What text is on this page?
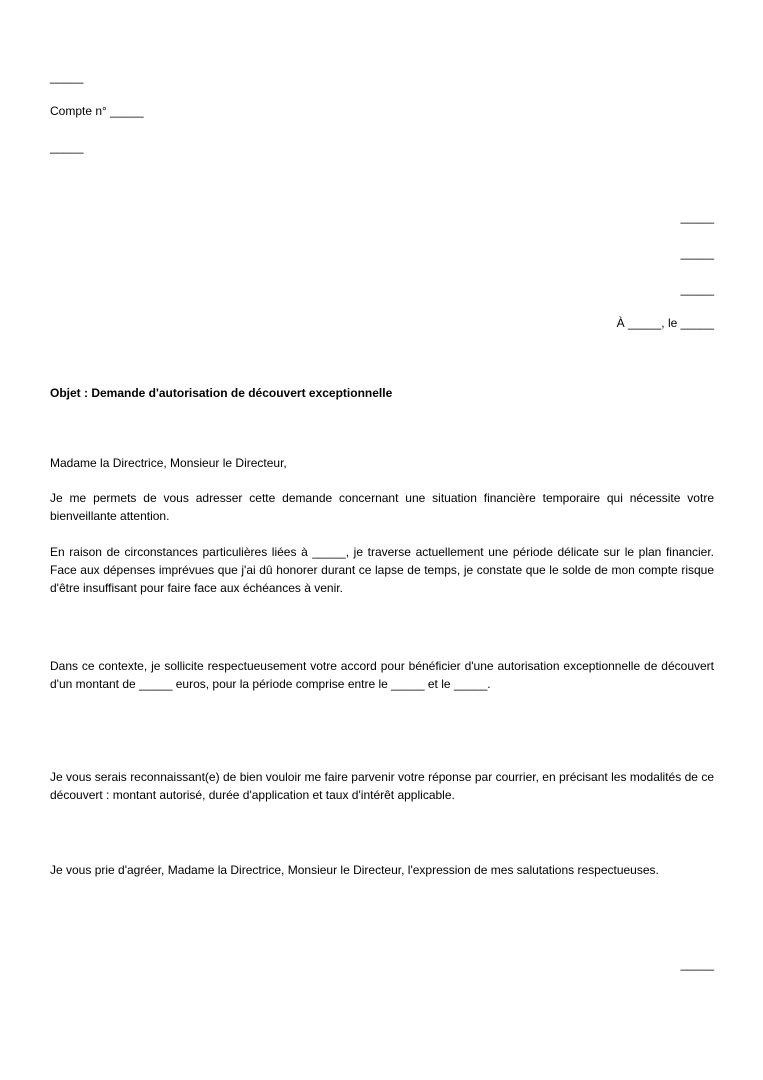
_____
Compte n° _____
_____
_____
_____
_____
À _____, le _____
Objet : Demande d'autorisation de découvert exceptionnelle
Madame la Directrice, Monsieur le Directeur,
Je me permets de vous adresser cette demande concernant une situation financière temporaire qui nécessite votre bienveillante attention.
En raison de circonstances particulières liées à _____, je traverse actuellement une période délicate sur le plan financier. Face aux dépenses imprévues que j'ai dû honorer durant ce lapse de temps, je constate que le solde de mon compte risque d'être insuffisant pour faire face aux échéances à venir.
Dans ce contexte, je sollicite respectueusement votre accord pour bénéficier d'une autorisation exceptionnelle de découvert d'un montant de _____ euros, pour la période comprise entre le _____ et le _____.
Je vous serais reconnaissant(e) de bien vouloir me faire parvenir votre réponse par courrier, en précisant les modalités de ce découvert : montant autorisé, durée d'application et taux d'intérêt applicable.
Je vous prie d'agréer, Madame la Directrice, Monsieur le Directeur, l'expression de mes salutations respectueuses.
_____
